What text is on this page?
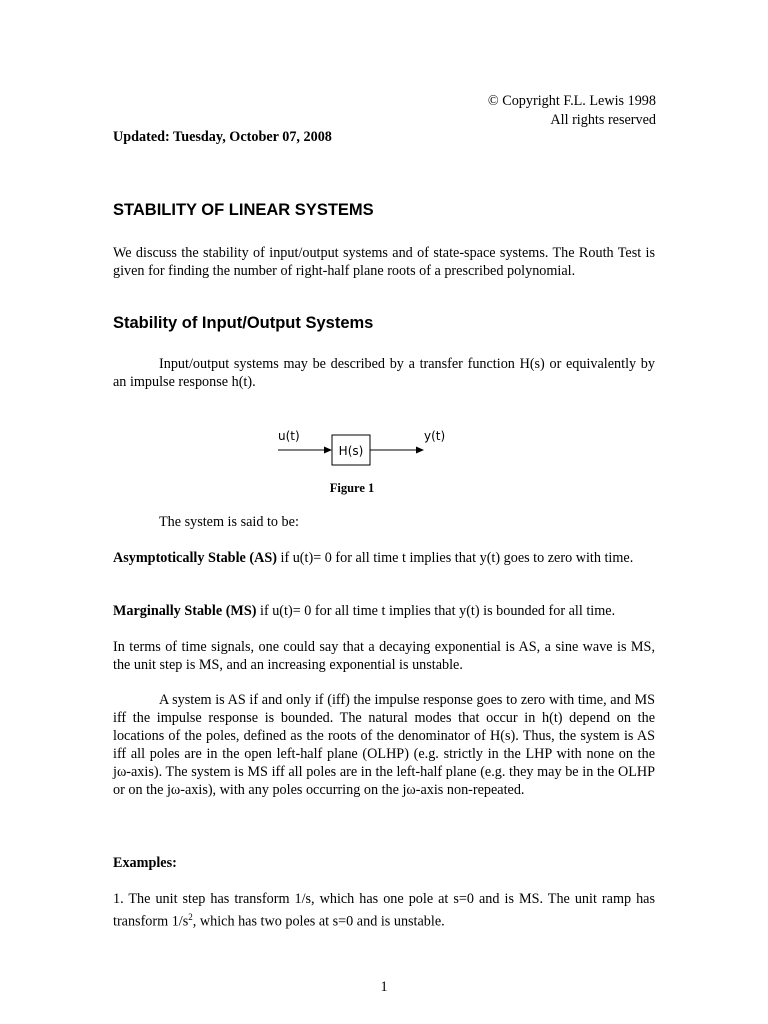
© Copyright F.L. Lewis 1998
All rights reserved
Updated: Tuesday, October 07, 2008
STABILITY OF LINEAR SYSTEMS
We discuss the stability of input/output systems and of state-space systems. The Routh Test is given for finding the number of right-half plane roots of a prescribed polynomial.
Stability of Input/Output Systems
Input/output systems may be described by a transfer function H(s) or equivalently by an impulse response h(t).
u(t)
H(s)
y(t)
Figure 1
The system is said to be:
Asymptotically Stable (AS) if u(t)= 0 for all time t implies that y(t) goes to zero with time.
Marginally Stable (MS) if u(t)= 0 for all time t implies that y(t) is bounded for all time.
In terms of time signals, one could say that a decaying exponential is AS, a sine wave is MS, the unit step is MS, and an increasing exponential is unstable.
A system is AS if and only if (iff) the impulse response goes to zero with time, and MS iff the impulse response is bounded. The natural modes that occur in h(t) depend on the locations of the poles, defined as the roots of the denominator of H(s). Thus, the system is AS iff all poles are in the open left-half plane (OLHP) (e.g. strictly in the LHP with none on the jω-axis). The system is MS iff all poles are in the left-half plane (e.g. they may be in the OLHP or on the jω-axis), with any poles occurring on the jω-axis non-repeated.
Examples:
1. The unit step has transform 1/s, which has one pole at s=0 and is MS. The unit ramp has transform $1/s^2$, which has two poles at s=0 and is unstable.
1
